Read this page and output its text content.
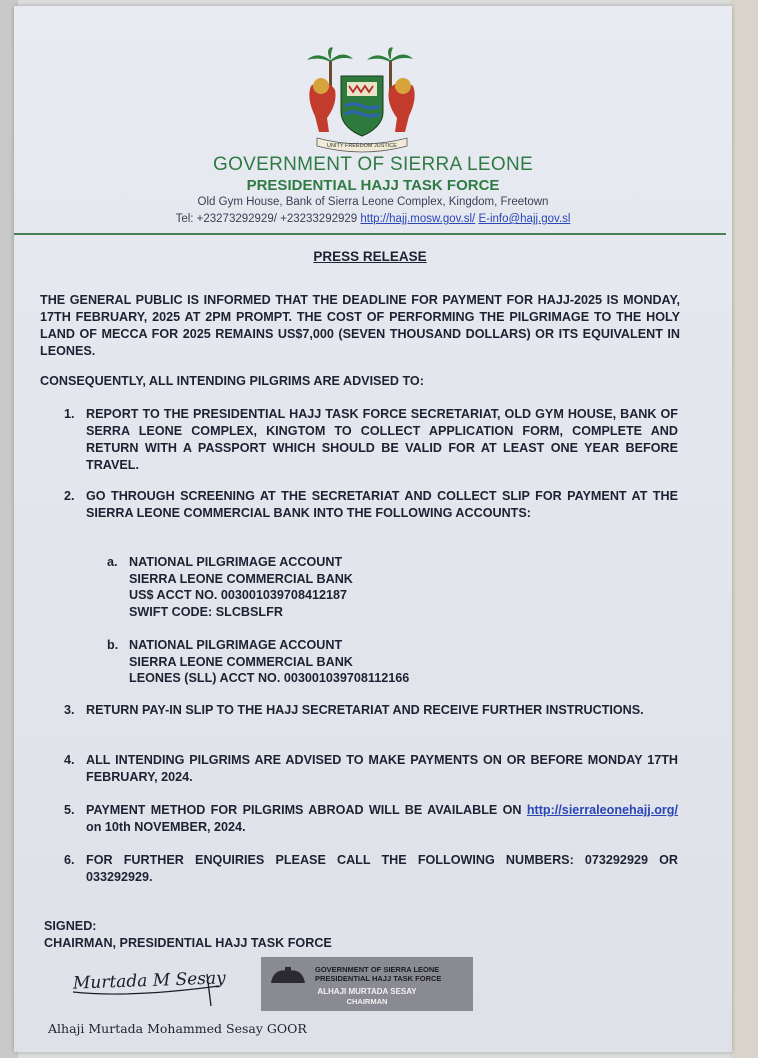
UNITY FREEDOM JUSTICE
GOVERNMENT OF SIERRA LEONE
PRESIDENTIAL HAJJ TASK FORCE
Old Gym House, Bank of Sierra Leone Complex, Kingdom, Freetown
Tel: +23273292929/ +23233292929 http://hajj.mosw.gov.sl/ E-info@hajj.gov.sl
PRESS RELEASE
THE GENERAL PUBLIC IS INFORMED THAT THE DEADLINE FOR PAYMENT FOR HAJJ-2025 IS MONDAY, 17TH FEBRUARY, 2025 AT 2PM PROMPT. THE COST OF PERFORMING THE PILGRIMAGE TO THE HOLY LAND OF MECCA FOR 2025 REMAINS US$7,000 (SEVEN THOUSAND DOLLARS) OR ITS EQUIVALENT IN LEONES.
CONSEQUENTLY, ALL INTENDING PILGRIMS ARE ADVISED TO:
1. REPORT TO THE PRESIDENTIAL HAJJ TASK FORCE SECRETARIAT, OLD GYM HOUSE, BANK OF SERRA LEONE COMPLEX, KINGTOM TO COLLECT APPLICATION FORM, COMPLETE AND RETURN WITH A PASSPORT WHICH SHOULD BE VALID FOR AT LEAST ONE YEAR BEFORE TRAVEL.
2. GO THROUGH SCREENING AT THE SECRETARIAT AND COLLECT SLIP FOR PAYMENT AT THE SIERRA LEONE COMMERCIAL BANK INTO THE FOLLOWING ACCOUNTS:
a. NATIONAL PILGRIMAGE ACCOUNT
SIERRA LEONE COMMERCIAL BANK
US$ ACCT NO. 003001039708412187
SWIFT CODE: SLCBSLFR
b. NATIONAL PILGRIMAGE ACCOUNT
SIERRA LEONE COMMERCIAL BANK
LEONES (SLL) ACCT NO. 003001039708112166
3. RETURN PAY-IN SLIP TO THE HAJJ SECRETARIAT AND RECEIVE FURTHER INSTRUCTIONS.
4. ALL INTENDING PILGRIMS ARE ADVISED TO MAKE PAYMENTS ON OR BEFORE MONDAY 17TH FEBRUARY, 2024.
5. PAYMENT METHOD FOR PILGRIMS ABROAD WILL BE AVAILABLE ON http://sierraleonehajj.org/ on 10th NOVEMBER, 2024.
6. FOR FURTHER ENQUIRIES PLEASE CALL THE FOLLOWING NUMBERS: 073292929 OR 033292929.
SIGNED:
CHAIRMAN, PRESIDENTIAL HAJJ TASK FORCE
Murtada M Sesay	GOVERNMENT OF SIERRA LEONE
PRESIDENTIAL HAJJ TASK FORCE
ALHAJI MURTADA SESAY
CHAIRMAN
Alhaji Murtada Mohammed Sesay GOOR
